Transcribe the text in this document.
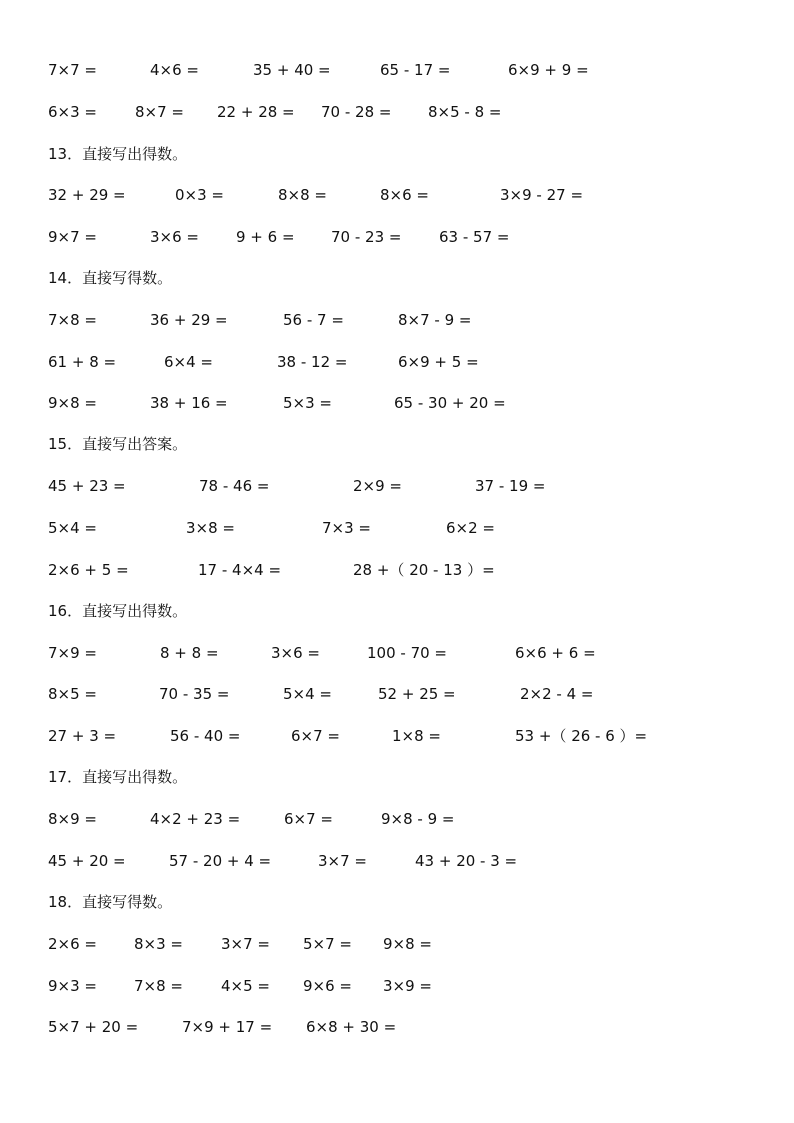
7×7 =	4×6 =	35 + 40 =	65 - 17 =	6×9 + 9 =
6×3 =	8×7 = 22 + 28 = 70 - 28 = 8×5 - 8 =
13．直接写出得数。
32 + 29 =	0×3 =	8×8 =	8×6 =	3×9 - 27 =
9×7 =	3×6 = 9 + 6 = 70 - 23 =	63 - 57 =
14．直接写得数。
7×8 =	36 + 29 =	56 - 7 =	8×7 - 9 =
61 + 8 =	6×4 =	38 - 12 =	6×9 + 5 =
9×8 =	38 + 16 =	5×3 =	65 - 30 + 20 =
15．直接写出答案。
45 + 23 =	78 - 46 =	2×9 =	37 - 19 =
5×4 =	3×8 =	7×3 =	6×2 =
2×6 + 5 =	17 - 4×4 =	28 +（ 20 - 13 ）=
16．直接写出得数。
7×9 =	8 + 8 =	3×6 =	100 - 70 =	6×6 + 6 =
8×5 =	70 - 35 =	5×4 =	52 + 25 =	2×2 - 4 =
27 + 3 =	56 - 40 =	6×7 =	1×8 =	53 +（ 26 - 6 ）=
17．直接写出得数。
8×9 =	4×2 + 23 =	6×7 =	9×8 - 9 =
45 + 20 =	57 - 20 + 4 =	3×7 =	43 + 20 - 3 =
18．直接写得数。
2×6 = 8×3 =	3×7 = 5×7 = 9×8 =
9×3 = 7×8 =	4×5 = 9×6 = 3×9 =
5×7 + 20 =	7×9 + 17 = 6×8 + 30 =
